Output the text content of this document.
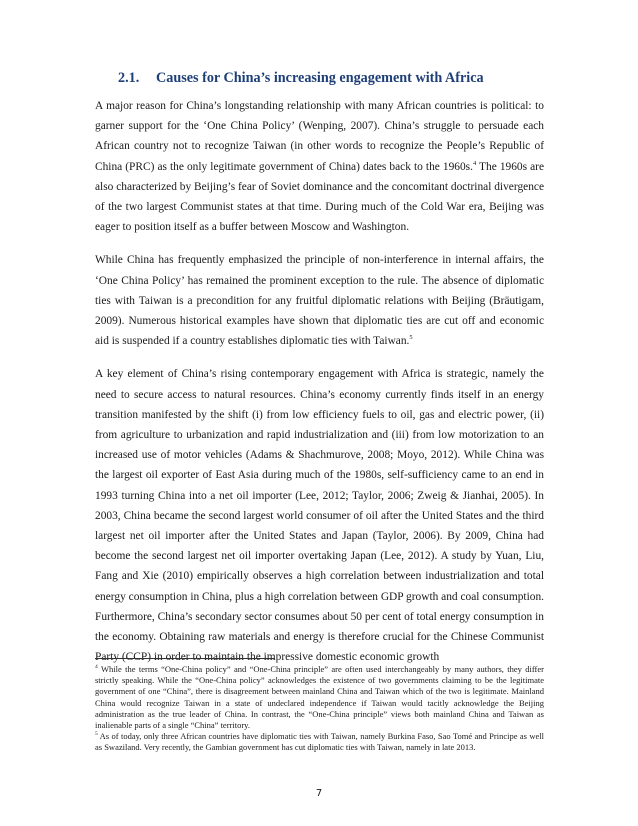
2.1. Causes for China’s increasing engagement with Africa

A major reason for China’s longstanding relationship with many African countries is political: to garner support for the ‘One China Policy’ (Wenping, 2007). China’s struggle to persuade each African country not to recognize Taiwan (in other words to recognize the People’s Republic of China (PRC) as the only legitimate government of China) dates back to the 1960s.$^4$ The 1960s are also characterized by Beijing’s fear of Soviet dominance and the concomitant doctrinal divergence of the two largest Communist states at that time. During much of the Cold War era, Beijing was eager to position itself as a buffer between Moscow and Washington.

While China has frequently emphasized the principle of non-interference in internal affairs, the ‘One China Policy’ has remained the prominent exception to the rule. The absence of diplomatic ties with Taiwan is a precondition for any fruitful diplomatic relations with Beijing (Bräutigam, 2009). Numerous historical examples have shown that diplomatic ties are cut off and economic aid is suspended if a country establishes diplomatic ties with Taiwan.$^5$

A key element of China’s rising contemporary engagement with Africa is strategic, namely the need to secure access to natural resources. China’s economy currently finds itself in an energy transition manifested by the shift (i) from low efficiency fuels to oil, gas and electric power, (ii) from agriculture to urbanization and rapid industrialization and (iii) from low motorization to an increased use of motor vehicles (Adams & Shachmurove, 2008; Moyo, 2012). While China was the largest oil exporter of East Asia during much of the 1980s, self-sufficiency came to an end in 1993 turning China into a net oil importer (Lee, 2012; Taylor, 2006; Zweig & Jianhai, 2005). In 2003, China became the second largest world consumer of oil after the United States and the third largest net oil importer after the United States and Japan (Taylor, 2006). By 2009, China had become the second largest net oil importer overtaking Japan (Lee, 2012). A study by Yuan, Liu, Fang and Xie (2010) empirically observes a high correlation between industrialization and total energy consumption in China, plus a high correlation between GDP growth and coal consumption. Furthermore, China’s secondary sector consumes about 50 per cent of total energy consumption in the economy. Obtaining raw materials and energy is therefore crucial for the Chinese Communist Party (CCP) in order to maintain the impressive domestic economic growth

$^4$ While the terms “One-China policy” and “One-China principle” are often used interchangeably by many authors, they differ strictly speaking. While the “One-China policy” acknowledges the existence of two governments claiming to be the legitimate government of one “China”, there is disagreement between mainland China and Taiwan which of the two is legitimate. Mainland China would recognize Taiwan in a state of undeclared independence if Taiwan would tacitly acknowledge the Beijing administration as the true leader of China. In contrast, the “One-China principle” views both mainland China and Taiwan as inalienable parts of a single “China” territory.

$^5$ As of today, only three African countries have diplomatic ties with Taiwan, namely Burkina Faso, Sao Tomé and Principe as well as Swaziland. Very recently, the Gambian government has cut diplomatic ties with Taiwan, namely in late 2013.

7
